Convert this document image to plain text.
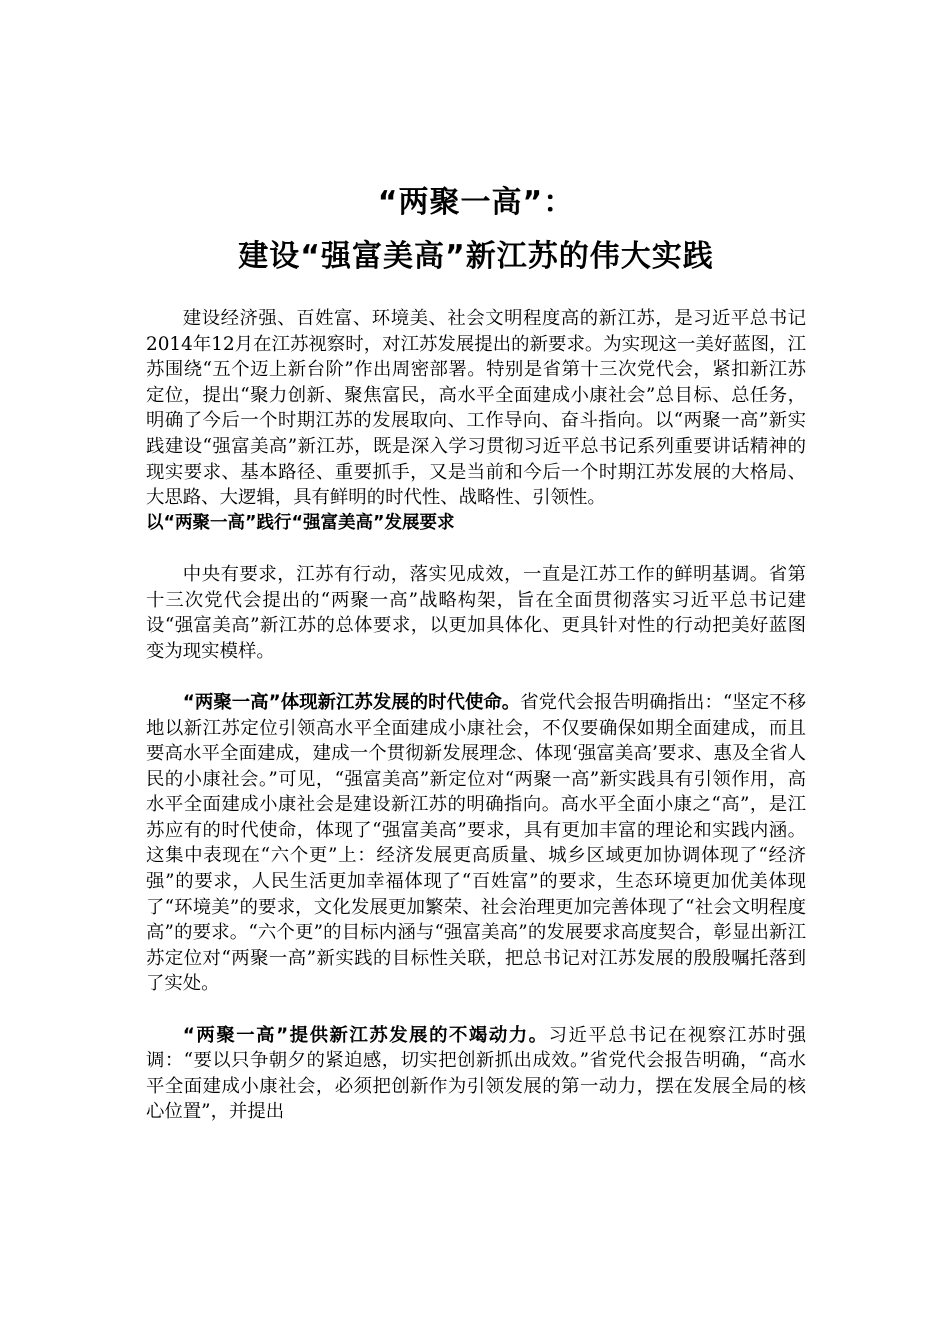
“两聚一高”：
建设“强富美高”新江苏的伟大实践

建设经济强、百姓富、环境美、社会文明程度高的新江苏，是习近平总书记2014年12月在江苏视察时，对江苏发展提出的新要求。为实现这一美好蓝图，江苏围绕“五个迈上新台阶”作出周密部署。特别是省第十三次党代会，紧扣新江苏定位，提出“聚力创新、聚焦富民，高水平全面建成小康社会”总目标、总任务，明确了今后一个时期江苏的发展取向、工作导向、奋斗指向。以“两聚一高”新实践建设“强富美高”新江苏，既是深入学习贯彻习近平总书记系列重要讲话精神的现实要求、基本路径、重要抓手，又是当前和今后一个时期江苏发展的大格局、大思路、大逻辑，具有鲜明的时代性、战略性、引领性。

以“两聚一高”践行“强富美高”发展要求

中央有要求，江苏有行动，落实见成效，一直是江苏工作的鲜明基调。省第十三次党代会提出的“两聚一高”战略构架，旨在全面贯彻落实习近平总书记建设“强富美高”新江苏的总体要求，以更加具体化、更具针对性的行动把美好蓝图变为现实模样。

“两聚一高”体现新江苏发展的时代使命。省党代会报告明确指出：“坚定不移地以新江苏定位引领高水平全面建成小康社会，不仅要确保如期全面建成，而且要高水平全面建成，建成一个贯彻新发展理念、体现‘强富美高’要求、惠及全省人民的小康社会。”可见，“强富美高”新定位对“两聚一高”新实践具有引领作用，高水平全面建成小康社会是建设新江苏的明确指向。高水平全面小康之“高”，是江苏应有的时代使命，体现了“强富美高”要求，具有更加丰富的理论和实践内涵。这集中表现在“六个更”上：经济发展更高质量、城乡区域更加协调体现了“经济强”的要求，人民生活更加幸福体现了“百姓富”的要求，生态环境更加优美体现了“环境美”的要求，文化发展更加繁荣、社会治理更加完善体现了“社会文明程度高”的要求。“六个更”的目标内涵与“强富美高”的发展要求高度契合，彰显出新江苏定位对“两聚一高”新实践的目标性关联，把总书记对江苏发展的殷殷嘱托落到了实处。

“两聚一高”提供新江苏发展的不竭动力。习近平总书记在视察江苏时强调：“要以只争朝夕的紧迫感，切实把创新抓出成效。”省党代会报告明确，“高水平全面建成小康社会，必须把创新作为引领发展的第一动力，摆在发展全局的核心位置”，并提出
